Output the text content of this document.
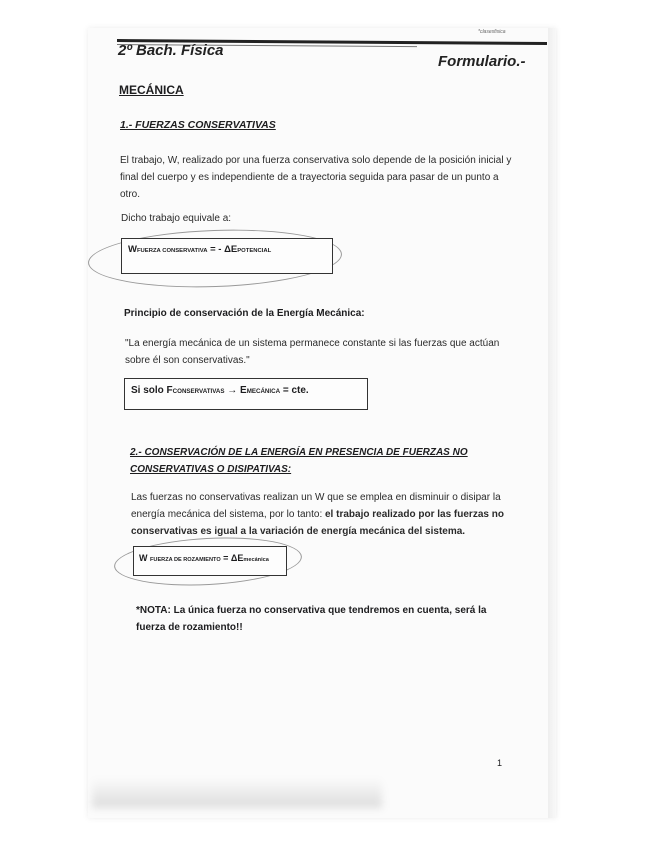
*clasesfisica
2º Bach. Física
Formulario.-
MECÁNICA
1.- FUERZAS CONSERVATIVAS
El trabajo, W, realizado por una fuerza conservativa solo depende de la posición inicial y final del cuerpo y es independiente de a trayectoria seguida para pasar de un punto a otro.
Dicho trabajo equivale a:
WFUERZA CONSERVATIVA = - ΔEPOTENCIAL
Principio de conservación de la Energía Mecánica:
"La energía mecánica de un sistema permanece constante si las fuerzas que actúan sobre él son conservativas."
Si solo FCONSERVATIVAS → EMECÁNICA = cte.
2.- CONSERVACIÓN DE LA ENERGÍA EN PRESENCIA DE FUERZAS NO CONSERVATIVAS O DISIPATIVAS:
Las fuerzas no conservativas realizan un W que se emplea en disminuir o disipar la energía mecánica del sistema, por lo tanto: el trabajo realizado por las fuerzas no conservativas es igual a la variación de energía mecánica del sistema.
W FUERZA DE ROZAMIENTO = ΔEmecánica
*NOTA: La única fuerza no conservativa que tendremos en cuenta, será la fuerza de rozamiento!!
1
